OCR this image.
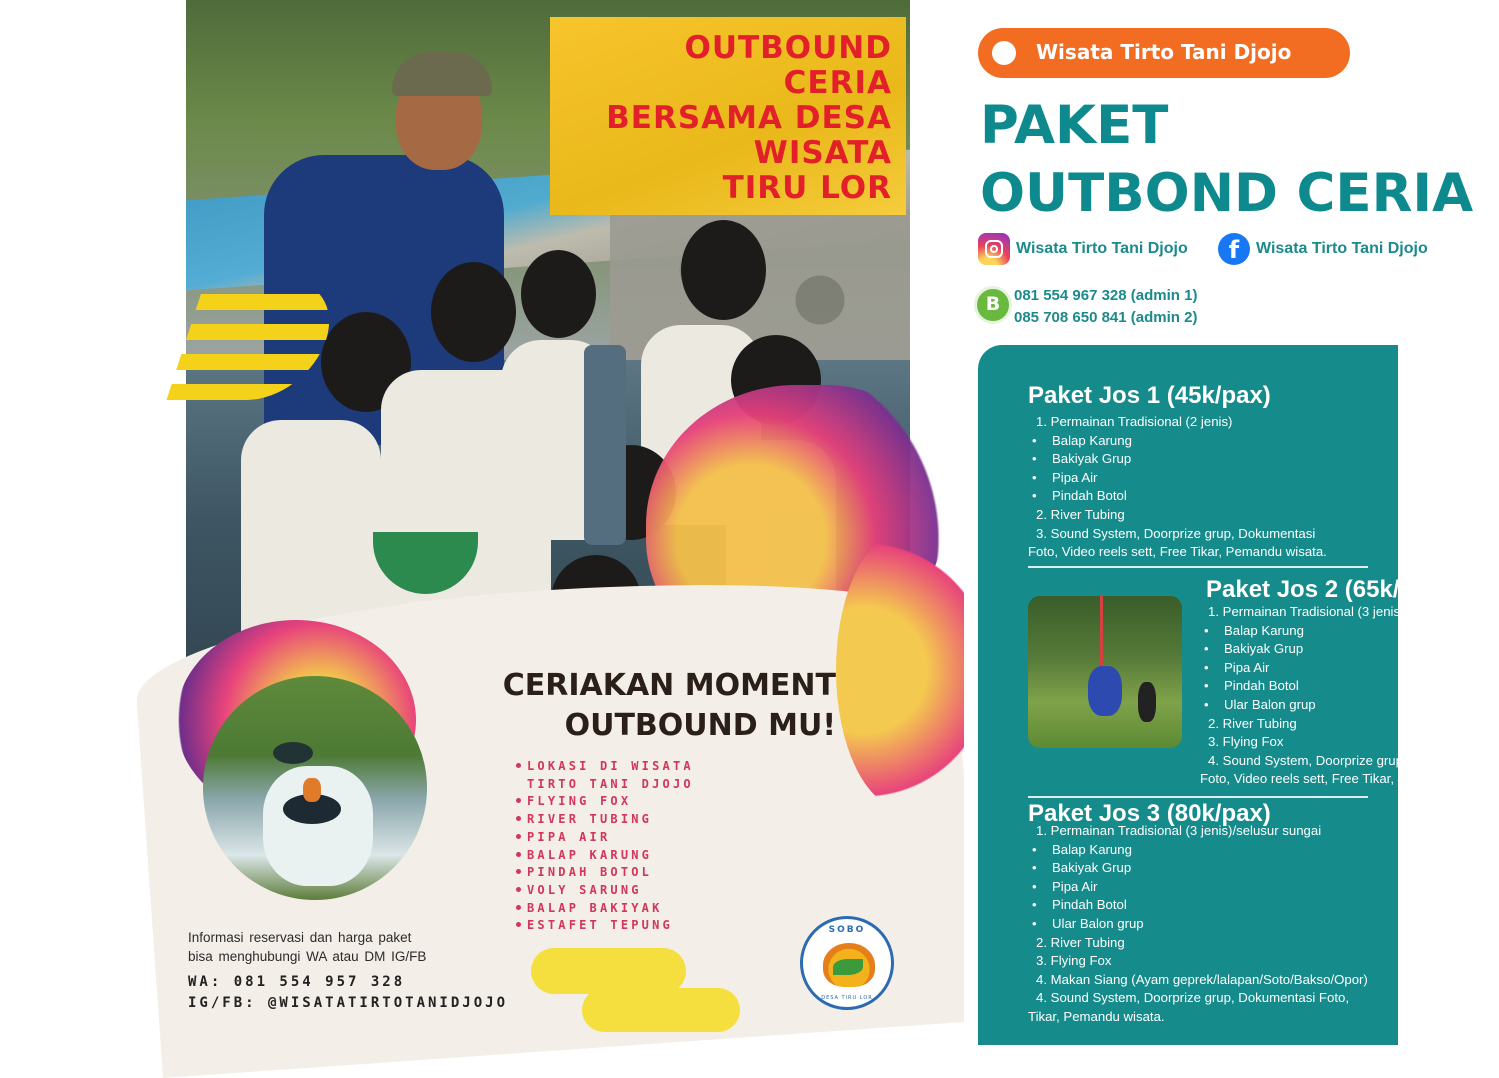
OUTBOUND
CERIA
BERSAMA DESA
WISATA
TIRU LOR
CERIAKAN MOMENT
OUTBOUND MU!
LOKASI DI WISATA
TIRTO TANI DJOJO
FLYING FOX
RIVER TUBING
PIPA AIR
BALAP KARUNG
PINDAH BOTOL
VOLY SARUNG
BALAP BAKIYAK
ESTAFET TEPUNG
Informasi reservasi dan harga paket
bisa menghubungi WA atau DM IG/FB
WA: 081 554 957 328
IG/FB: @WISATATIRTOTANIDJOJO
SOBO
DESA TIRU LOR
Wisata Tirto Tani Djojo
PAKET
OUTBOND CERIA
Wisata Tirto Tani Djojo	f	Wisata Tirto Tani Djojo
B 081 554 967 328 (admin 1)
085 708 650 841 (admin 2)
Paket Jos 1 (45k/pax)
1. Permainan Tradisional (2 jenis)
• Balap Karung
• Bakiyak Grup
• Pipa Air
• Pindah Botol
2. River Tubing
3. Sound System, Doorprize grup, Dokumentasi
Foto, Video reels sett, Free Tikar, Pemandu wisata.
Paket Jos 2 (65k/pax)
1. Permainan Tradisional (3 jenis)
• Balap Karung
• Bakiyak Grup
• Pipa Air
• Pindah Botol
• Ular Balon grup
2. River Tubing
3. Flying Fox
4. Sound System, Doorprize grup, Dokumentasi
Foto, Video reels sett, Free Tikar, Pemandu wisata.
Paket Jos 3 (80k/pax)
1. Permainan Tradisional (3 jenis)/selusur sungai
• Balap Karung
• Bakiyak Grup
• Pipa Air
• Pindah Botol
• Ular Balon grup
2. River Tubing
3. Flying Fox
4. Makan Siang (Ayam geprek/lalapan/Soto/Bakso/Opor)
4. Sound System, Doorprize grup, Dokumentasi Foto,
Tikar, Pemandu wisata.
